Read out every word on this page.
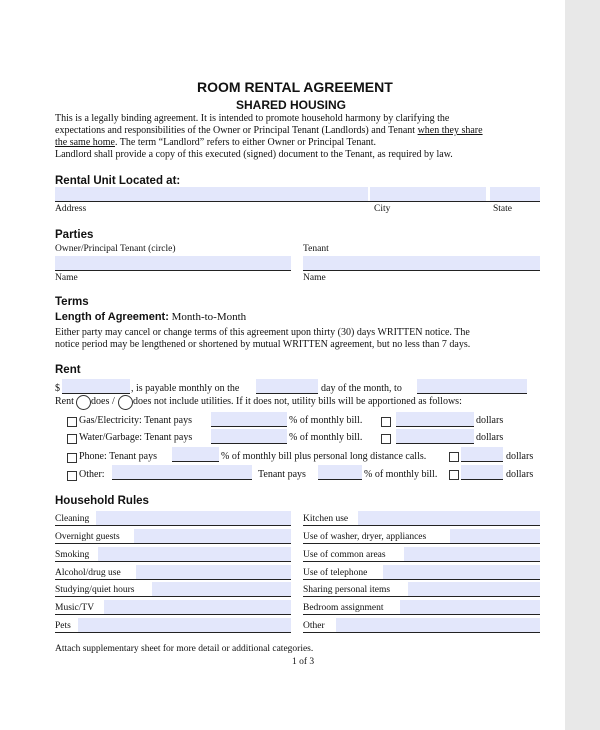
ROOM RENTAL AGREEMENT
SHARED HOUSING
This is a legally binding agreement. It is intended to promote household harmony by clarifying the
expectations and responsibilities of the Owner or Principal Tenant (Landlords) and Tenant when they share
the same home. The term “Landlord” refers to either Owner or Principal Tenant.
Landlord shall provide a copy of this executed (signed) document to the Tenant, as required by law.
Rental Unit Located at:
Address	City	State
Parties
Owner/Principal Tenant (circle)	Tenant
Name	Name
Terms
Length of Agreement: Month-to-Month
Either party may cancel or change terms of this agreement upon thirty (30) days WRITTEN notice. The
notice period may be lengthened or shortened by mutual WRITTEN agreement, but no less than 7 days.
Rent
$	, is payable monthly on the	day of the month, to
Rent does / does not include utilities. If it does not, utility bills will be apportioned as follows:
Gas/Electricity: Tenant pays	% of monthly bill.	dollars
Water/Garbage: Tenant pays	% of monthly bill.	dollars
Phone: Tenant pays	% of monthly bill plus personal long distance calls.	dollars
Other:	Tenant pays	% of monthly bill.	dollars
Household Rules
Cleaning	Kitchen use
Overnight guests	Use of washer, dryer, appliances
Smoking	Use of common areas
Alcohol/drug use	Use of telephone
Studying/quiet hours	Sharing personal items
Music/TV	Bedroom assignment
Pets	Other
Attach supplementary sheet for more detail or additional categories.
1 of 3
